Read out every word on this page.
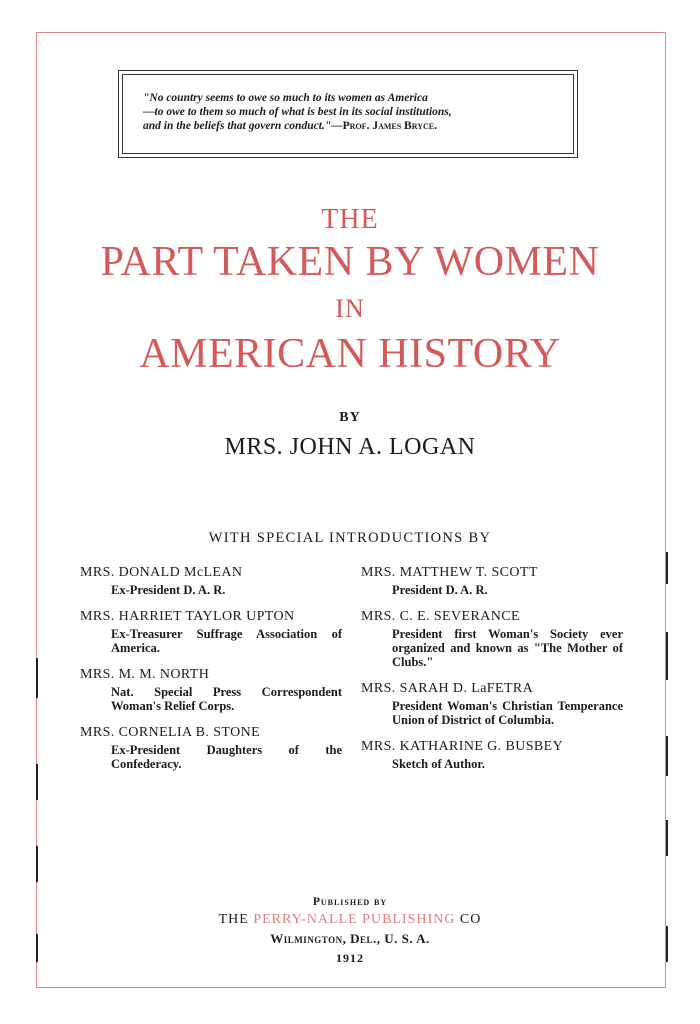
"No country seems to owe so much to its women as America
—to owe to them so much of what is best in its social institutions,
and in the beliefs that govern conduct."—Prof. James Bryce.
THE
PART TAKEN BY WOMEN
IN
AMERICAN HISTORY
BY
MRS. JOHN A. LOGAN
WITH SPECIAL INTRODUCTIONS BY
MRS. DONALD McLEAN
Ex-President D. A. R.
MRS. HARRIET TAYLOR UPTON
Ex-Treasurer Suffrage Association of America.
MRS. M. M. NORTH
Nat. Special Press Correspondent Woman's Relief Corps.
MRS. CORNELIA B. STONE
Ex-President Daughters of the Confederacy.
MRS. MATTHEW T. SCOTT
President D. A. R.
MRS. C. E. SEVERANCE
President first Woman's Society ever organized and known as "The Mother of Clubs."
MRS. SARAH D. LaFETRA
President Woman's Christian Temperance Union of District of Columbia.
MRS. KATHARINE G. BUSBEY
Sketch of Author.
Published by
THE PERRY-NALLE PUBLISHING CO
Wilmington, Del., U. S. A.
1912
